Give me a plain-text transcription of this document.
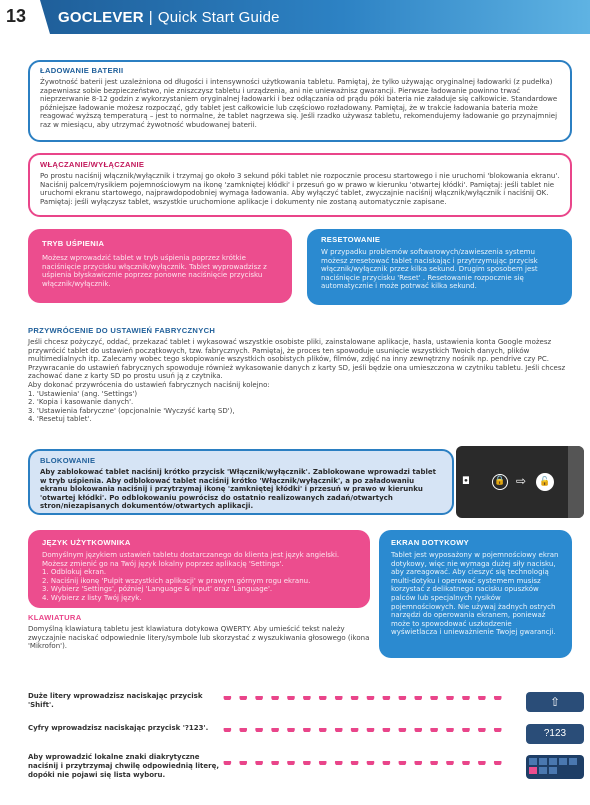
13 GOCLEVER | Quick Start Guide
ŁADOWANIE BATERII
Żywotność baterii jest uzależniona od długości i intensywności użytkowania tabletu. Pamiętaj, że tylko używając oryginalnej ładowarki (z pudełka) zapewniasz sobie bezpieczeństwo, nie zniszczysz tabletu i urządzenia, ani nie unieważnisz gwarancji. Pierwsze ładowanie powinno trwać nieprzerwanie 8-12 godzin z wykorzystaniem oryginalnej ładowarki i bez odłączania od prądu póki bateria nie załaduje się całkowicie. Standardowe późniejsze ładowanie możesz rozpocząć, gdy tablet jest całkowicie lub częściowo rozładowany. Pamiętaj, że w trakcie ładowania bateria może reagować wyższą temperaturą – jest to normalne, że tablet nagrzewa się. Jeśli rzadko używasz tabletu, rekomendujemy ładowanie go przynajmniej raz w miesiącu, aby utrzymać żywotność wbudowanej baterii.
WŁĄCZANIE/WYŁĄCZANIE
Po prostu naciśnij włącznik/wyłącznik i trzymaj go około 3 sekund póki tablet nie rozpocznie procesu startowego i nie uruchomi 'blokowania ekranu'. Naciśnij palcem/rysikiem pojemnościowym na ikonę 'zamkniętej kłódki' i przesuń go w prawo w kierunku 'otwartej kłódki'. Pamiętaj: jeśli tablet nie uruchomi ekranu startowego, najprawdopodobniej wymaga ładowania. Aby wyłączyć tablet, zwyczajnie naciśnij włącznik/wyłącznik i naciśnij OK. Pamiętaj: jeśli wyłączysz tablet, wszystkie uruchomione aplikacje i dokumenty nie zostaną automatycznie zapisane.
TRYB UŚPIENIA
Możesz wprowadzić tablet w tryb uśpienia poprzez krótkie naciśnięcie przycisku włącznik/wyłącznik. Tablet wyprowadzisz z uśpienia błyskawicznie poprzez ponowne naciśnięcie przycisku włącznik/wyłącznik.
RESETOWANIE
W przypadku problemów softwarowych/zawieszenia systemu możesz zresetować tablet naciskając i przytrzymując przycisk włącznik/wyłącznik przez kilka sekund. Drugim sposobem jest naciśnięcie przycisku 'Reset' . Resetowanie rozpocznie się automatycznie i może potrwać kilka sekund.
PRZYWRÓCENIE DO USTAWIEŃ FABRYCZNYCH
Jeśli chcesz pożyczyć, oddać, przekazać tablet i wykasować wszystkie osobiste pliki, zainstalowane aplikacje, hasła, ustawienia konta Google możesz przywrócić tablet do ustawień początkowych, tzw. fabrycznych. Pamiętaj, że proces ten spowoduje usunięcie wszystkich Twoich danych, plików multimedialnych itp. Zalecamy wobec tego skopiowanie wszystkich osobistych plików, filmów, zdjęć na inny zewnętrzny nośnik np. pendrive czy PC. Przywracanie do ustawień fabrycznych spowoduje również wykasowanie danych z karty SD, jeśli będzie ona umieszczona w czytniku tabletu. Jeśli chcesz zachować dane z karty SD po prostu usuń ją z czytnika.
Aby dokonać przywrócenia do ustawień fabrycznych naciśnij kolejno:
1. 'Ustawienia' (ang. 'Settings')
2. 'Kopia i kasowanie danych'.
3. 'Ustawienia fabryczne' (opcjonalnie 'Wyczyść kartę SD'),
4. 'Resetuj tablet'.
BLOKOWANIE
Aby zablokować tablet naciśnij krótko przycisk 'Włącznik/wyłącznik'. Zablokowane wprowadzi tablet w tryb uśpienia. Aby odblokować tablet naciśnij krótko 'Włącznik/wyłącznik', a po załadowaniu ekranu blokowania naciśnij i przytrzymaj ikonę 'zamkniętej kłódki' i przesuń w prawo w kierunku 'otwartej kłódki'. Po odblokowaniu powrócisz do ostatnio realizowanych zadań/otwartych stron/niezapisanych dokumentów/otwartych aplikacji.
◘	🔒 ⇨	🔓
JĘZYK UŻYTKOWNIKA
Domyślnym językiem ustawień tabletu dostarczanego do klienta jest język angielski. Możesz zmienić go na Twój język lokalny poprzez aplikację 'Settings'.
1. Odblokuj ekran.
2. Naciśnij ikonę 'Pulpit wszystkich aplikacji' w prawym górnym rogu ekranu.
3. Wybierz 'Settings', później 'Language & input' oraz 'Language'.
4. Wybierz z listy Twój język.
EKRAN DOTYKOWY
Tablet jest wyposażony w pojemnościowy ekran dotykowy, więc nie wymaga dużej siły nacisku, aby zareagować. Aby cieszyć się technologią multi-dotyku i operować systemem musisz korzystać z delikatnego nacisku opuszków palców lub specjalnych rysików pojemnościowych. Nie używaj żadnych ostrych narzędzi do operowania ekranem, ponieważ może to spowodować uszkodzenie wyświetlacza i unieważnienie Twojej gwarancji.
KLAWIATURA
Domyślną klawiaturą tabletu jest klawiatura dotykowa QWERTY. Aby umieścić tekst należy zwyczajnie naciskać odpowiednie litery/symbole lub skorzystać z wyszukiwania głosowego (ikona 'Mikrofon').
Duże litery wprowadzisz naciskając przycisk 'Shift'. ● ● ● ● ● ● ● ● ● ● ● ● ● ● ● ● ● ● ● ● ● ● ● ● ● ● ● ● ● ● ● ● ● ● ● ● ● ● ● ● ● ● ● ●	⇧
Cyfry wprowadzisz naciskając przycisk '?123'. ● ● ● ● ● ● ● ● ● ● ● ● ● ● ● ● ● ● ● ● ● ● ● ● ● ● ● ● ● ● ● ● ● ● ● ● ● ● ● ● ● ● ● ●	?123
Aby wprowadzić lokalne znaki diakrytyczne naciśnij i przytrzymaj chwilę odpowiednią literę, dopóki nie pojawi się lista wyboru.
● ● ● ● ● ● ● ● ● ● ● ● ● ● ● ● ● ● ● ● ● ● ● ● ● ● ● ● ● ● ● ● ● ● ● ● ● ● ● ● ● ● ● ●
